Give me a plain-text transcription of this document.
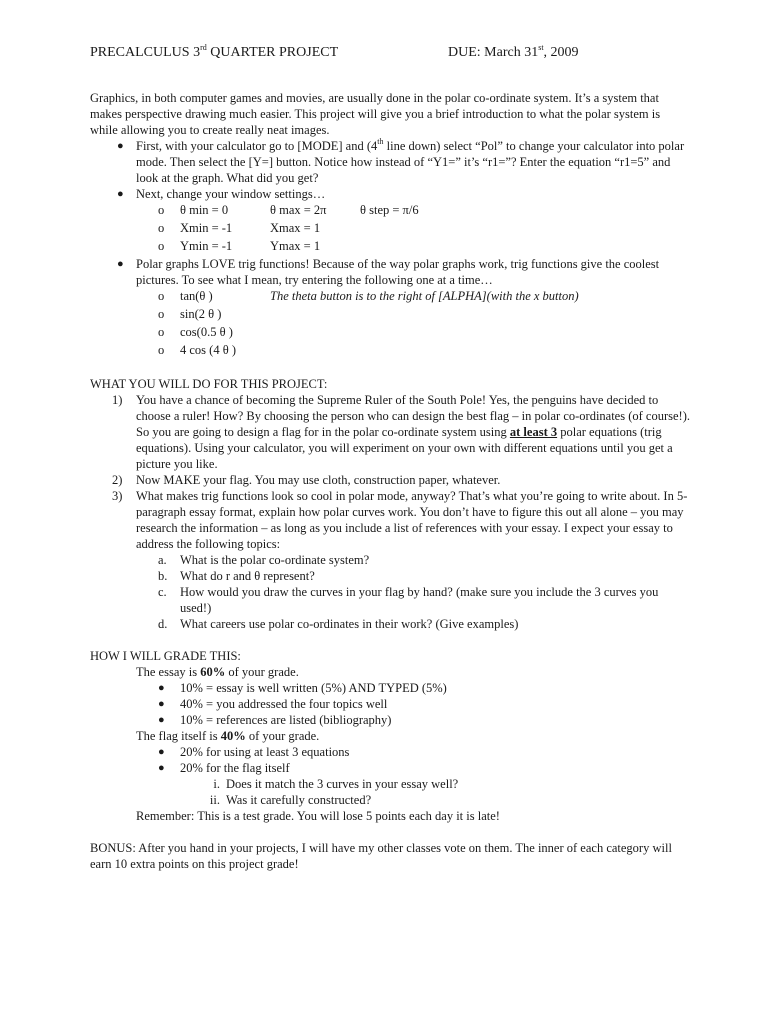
PRECALCULUS 3rd QUARTER PROJECT	DUE: March 31st, 2009

Graphics, in both computer games and movies, are usually done in the polar co-ordinate system. It’s a system that makes perspective drawing much easier. This project will give you a brief introduction to what the polar system is while allowing you to create really neat images.

● First, with your calculator go to [MODE] and (4th line down) select “Pol” to change your calculator into polar mode. Then select the [Y=] button. Notice how instead of “Y1=” it’s “r1=”? Enter the equation “r1=5” and look at the graph. What did you get?
● Next, change your window settings…
o θ min = 0	θ max = 2π	θ step = π/6
o Xmin = -1	Xmax = 1
o Ymin = -1	Ymax = 1
● Polar graphs LOVE trig functions! Because of the way polar graphs work, trig functions give the coolest pictures. To see what I mean, try entering the following one at a time…
o tan(θ )	The theta button is to the right of [ALPHA](with the x button)
o sin(2 θ )
o cos(0.5 θ )
o 4 cos (4 θ )

WHAT YOU WILL DO FOR THIS PROJECT:

1) You have a chance of becoming the Supreme Ruler of the South Pole! Yes, the penguins have decided to choose a ruler! How? By choosing the person who can design the best flag – in polar co-ordinates (of course!). So you are going to design a flag for in the polar co-ordinate system using at least 3 polar equations (trig equations). Using your calculator, you will experiment on your own with different equations until you get a picture you like.
2) Now MAKE your flag. You may use cloth, construction paper, whatever.
3) What makes trig functions look so cool in polar mode, anyway? That’s what you’re going to write about. In 5-paragraph essay format, explain how polar curves work. You don’t have to figure this out all alone – you may research the information – as long as you include a list of references with your essay. I expect your essay to address the following topics:
a. What is the polar co-ordinate system?
b. What do r and θ represent?
c. How would you draw the curves in your flag by hand? (make sure you include the 3 curves you used!)
d. What careers use polar co-ordinates in their work? (Give examples)

HOW I WILL GRADE THIS:

The essay is 60% of your grade.
● 10% = essay is well written (5%) AND TYPED (5%)
● 40% = you addressed the four topics well
● 10% = references are listed (bibliography)
The flag itself is 40% of your grade.
● 20% for using at least 3 equations
● 20% for the flag itself
i. Does it match the 3 curves in your essay well?
ii. Was it carefully constructed?
Remember: This is a test grade. You will lose 5 points each day it is late!

BONUS: After you hand in your projects, I will have my other classes vote on them. The inner of each category will earn 10 extra points on this project grade!
